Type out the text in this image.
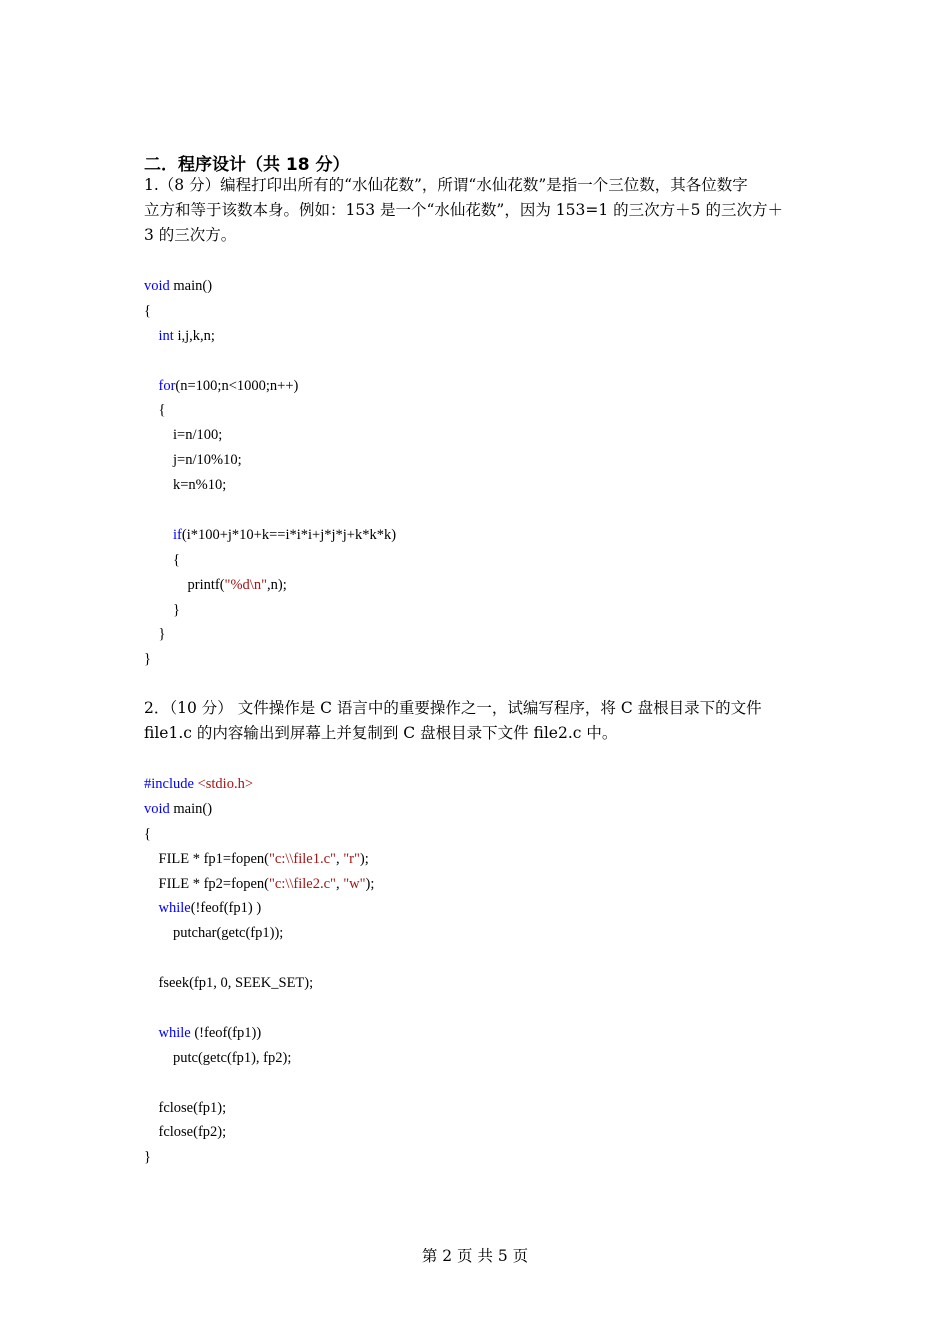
二．程序设计（共 18 分）
1.（8 分）编程打印出所有的“水仙花数”，所谓“水仙花数”是指一个三位数，其各位数字
立方和等于该数本身。例如：153 是一个“水仙花数”，因为 153=1 的三次方＋5 的三次方＋
3 的三次方。
void main()
{
int i,j,k,n;
for(n=100;n<1000;n++)
{
i=n/100;
j=n/10%10;
k=n%10;
if(i*100+j*10+k==i*i*i+j*j*j+k*k*k)
{
printf("%d\n",n);
}
}
}
2．（10 分） 文件操作是 C 语言中的重要操作之一，试编写程序，将 C 盘根目录下的文件
file1.c 的内容输出到屏幕上并复制到 C 盘根目录下文件 file2.c 中。
#include <stdio.h>
void main()
{
FILE * fp1=fopen("c:\\file1.c", "r");
FILE * fp2=fopen("c:\\file2.c", "w");
while(!feof(fp1) )
putchar(getc(fp1));
fseek(fp1, 0, SEEK_SET);
while (!feof(fp1))
putc(getc(fp1), fp2);
fclose(fp1);
fclose(fp2);
}
第 2 页 共 5 页
